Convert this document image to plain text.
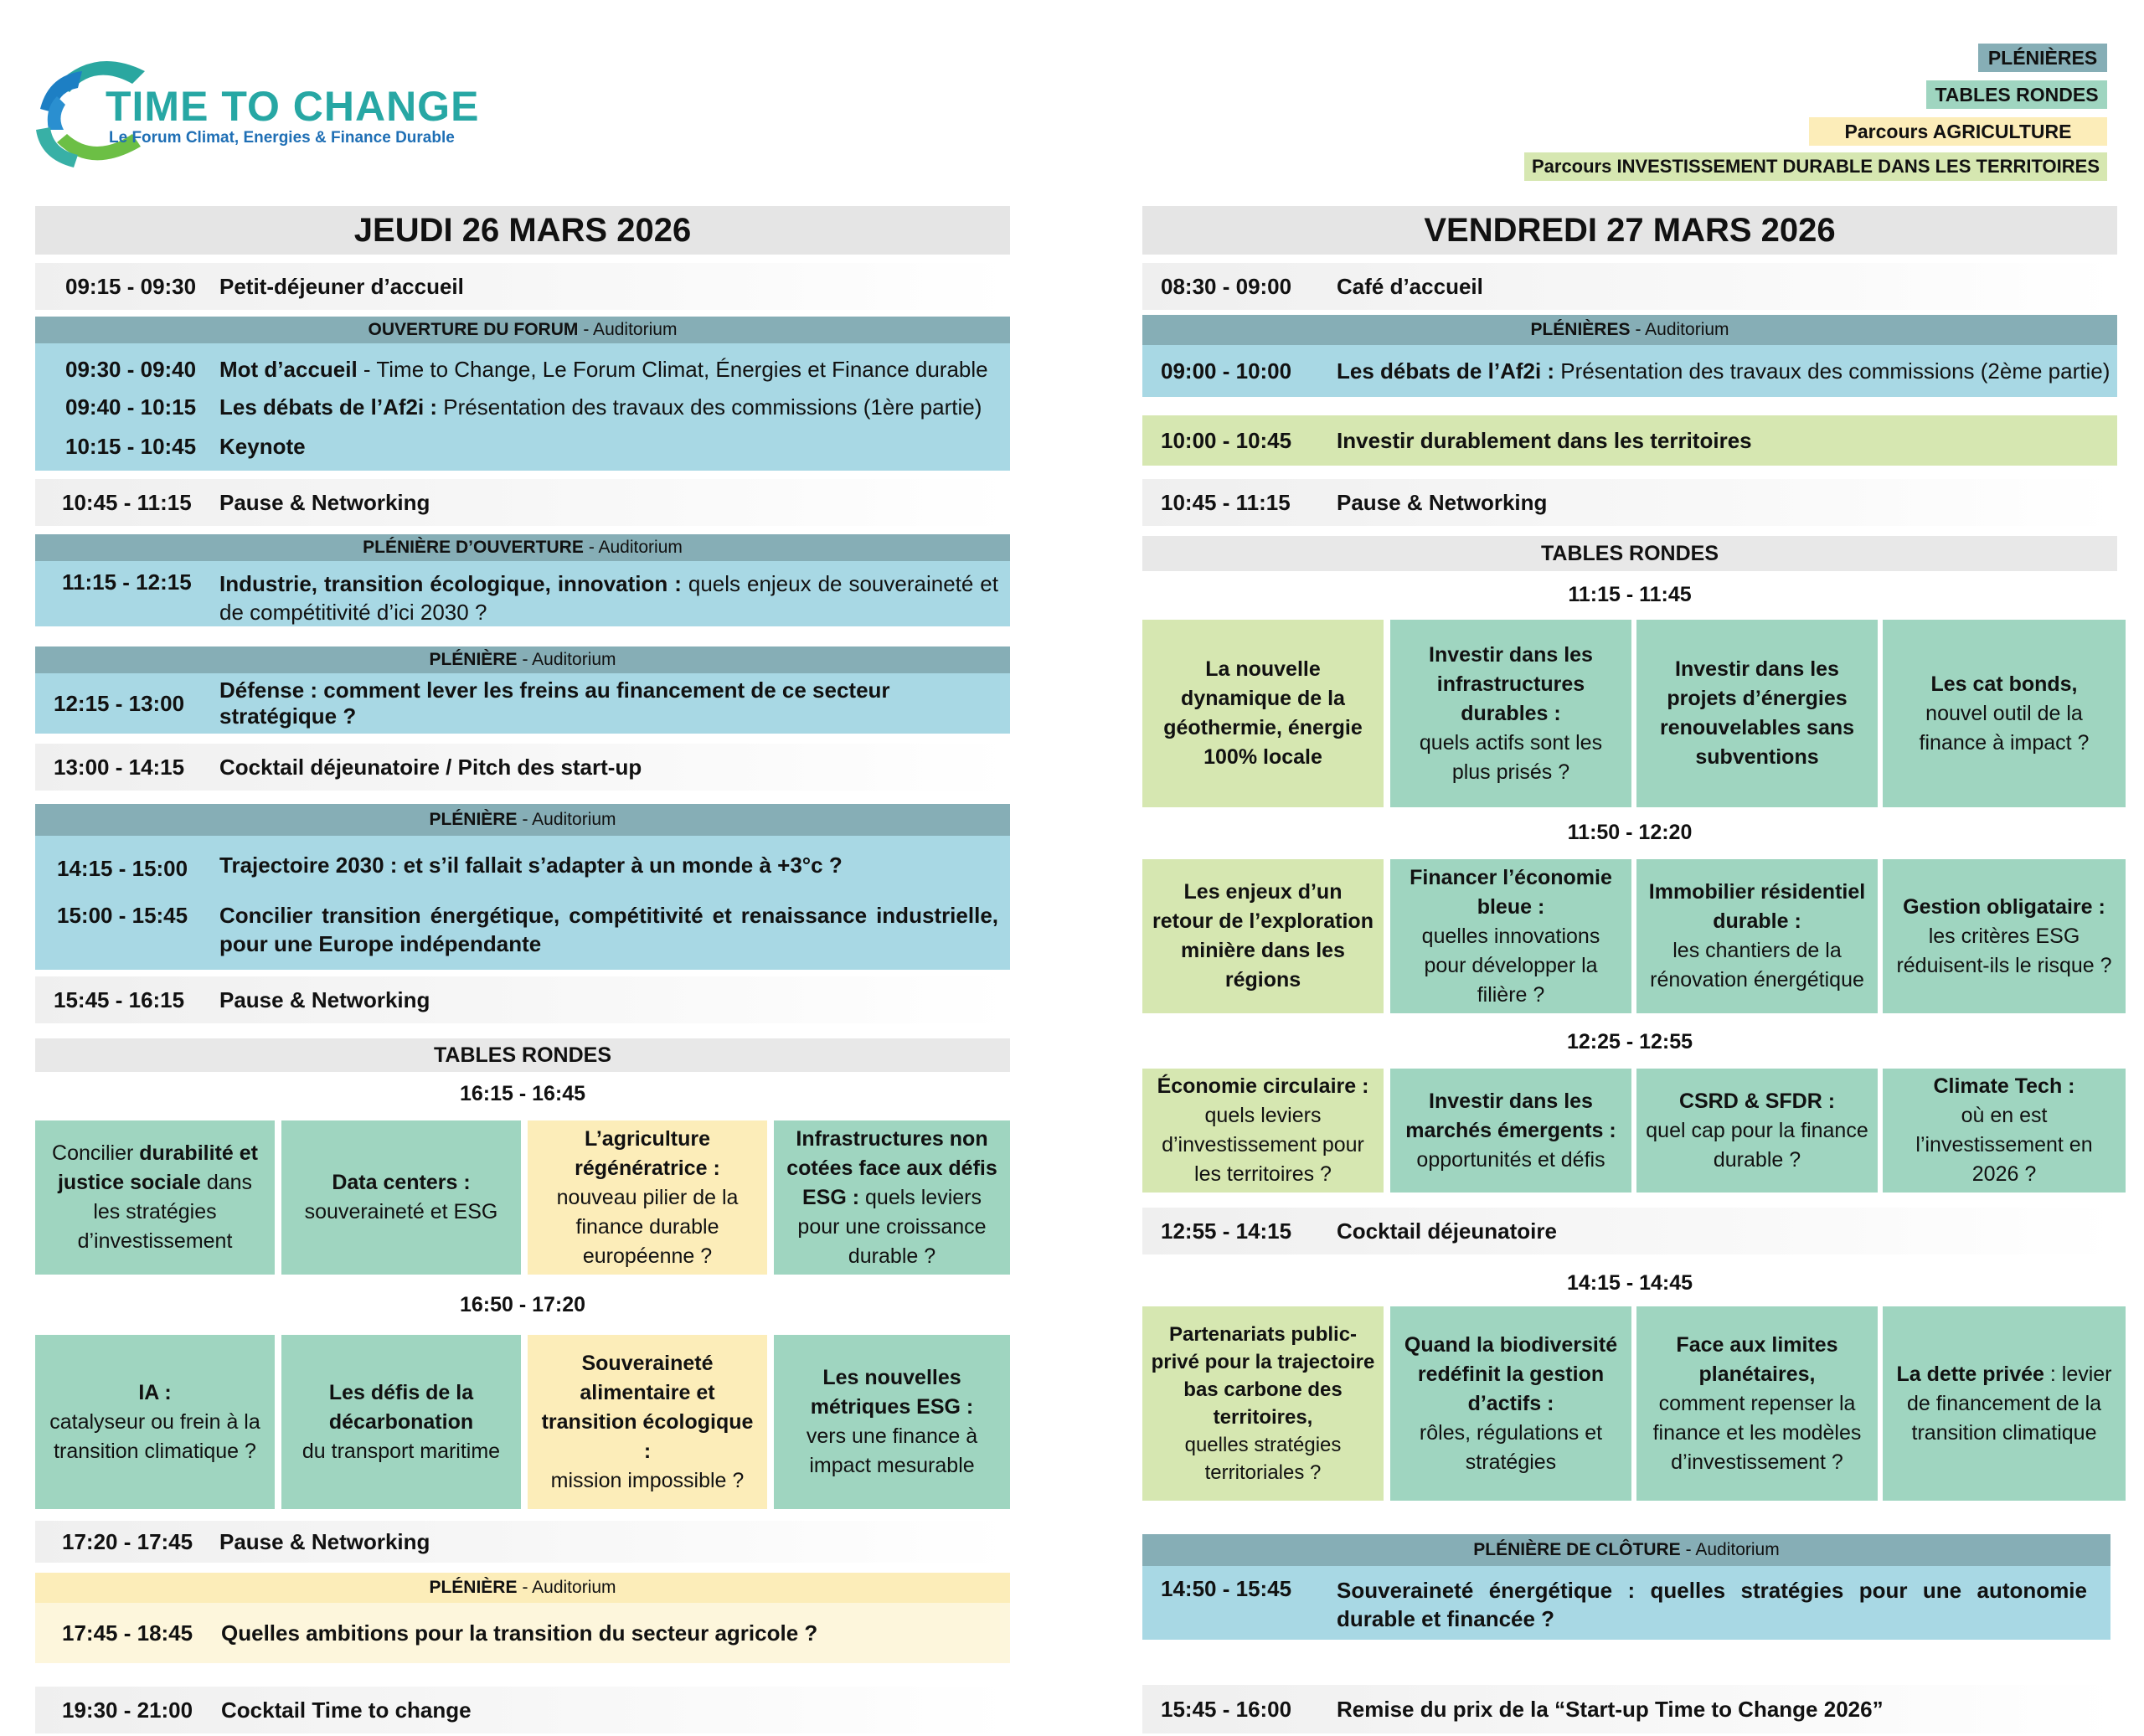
TIME TO CHANGE
Le Forum Climat, Energies & Finance Durable
PLÉNIÈRES
TABLES RONDES
Parcours AGRICULTURE
Parcours INVESTISSEMENT DURABLE DANS LES TERRITOIRES
JEUDI 26 MARS 2026
09:15 - 09:30 Petit-déjeuner d’accueil
OUVERTURE DU FORUM - Auditorium
09:30 - 09:40 Mot d’accueil - Time to Change, Le Forum Climat, Énergies et Finance durable
09:40 - 10:15 Les débats de l’Af2i : Présentation des travaux des commissions (1ère partie)
10:15 - 10:45 Keynote
10:45 - 11:15 Pause & Networking
PLÉNIÈRE D’OUVERTURE - Auditorium
11:15 - 12:15 Industrie, transition écologique, innovation : quels enjeux de souveraineté et de compétitivité d’ici 2030 ?
PLÉNIÈRE - Auditorium
12:15 - 13:00
Défense : comment lever les freins au financement de ce secteur stratégique ?
13:00 - 14:15 Cocktail déjeunatoire / Pitch des start-up
PLÉNIÈRE - Auditorium
14:15 - 15:00 Trajectoire 2030 : et s’il fallait s’adapter à un monde à +3°c ?
15:00 - 15:45 Concilier transition énergétique, compétitivité et renaissance industrielle, pour une Europe indépendante
15:45 - 16:15 Pause & Networking
TABLES RONDES
16:15 - 16:45
Concilier durabilité et justice sociale dans les stratégies d’investissement
Data centers :
souveraineté et ESG
L’agriculture régénératrice :
nouveau pilier de la finance durable européenne ?
Infrastructures non cotées face aux défis ESG : quels leviers pour une croissance durable ?
16:50 - 17:20
IA :
catalyseur ou frein à la transition climatique ?
Les défis de la décarbonation
du transport maritime
Souveraineté alimentaire et transition écologique :
mission impossible ?
Les nouvelles métriques ESG :
vers une finance à impact mesurable
17:20 - 17:45 Pause & Networking
PLÉNIÈRE - Auditorium
17:45 - 18:45 Quelles ambitions pour la transition du secteur agricole ?
19:30 - 21:00 Cocktail Time to change
VENDREDI 27 MARS 2026
08:30 - 09:00 Café d’accueil
PLÉNIÈRES - Auditorium
09:00 - 10:00 Les débats de l’Af2i : Présentation des travaux des commissions (2ème partie)
10:00 - 10:45 Investir durablement dans les territoires
10:45 - 11:15 Pause & Networking
TABLES RONDES
11:15 - 11:45
La nouvelle dynamique de la géothermie, énergie 100% locale
Investir dans les infrastructures durables :
quels actifs sont les plus prisés ?
Investir dans les projets d’énergies renouvelables sans subventions
Les cat bonds,
nouvel outil de la finance à impact ?
11:50 - 12:20
Les enjeux d’un retour de l’exploration minière dans les régions
Financer l’économie bleue :
quelles innovations pour développer la filière ?
Immobilier résidentiel durable :
les chantiers de la rénovation énergétique
Gestion obligataire :
les critères ESG réduisent-ils le risque ?
12:25 - 12:55
Économie circulaire :
quels leviers d’investissement pour les territoires ?
Investir dans les marchés émergents :
opportunités et défis
CSRD & SFDR :
quel cap pour la finance durable ?
Climate Tech :
où en est l’investissement en 2026 ?
12:55 - 14:15 Cocktail déjeunatoire
14:15 - 14:45
Partenariats public-privé pour la trajectoire bas carbone des territoires,
quelles stratégies territoriales ?
Quand la biodiversité redéfinit la gestion d’actifs :
rôles, régulations et stratégies
Face aux limites planétaires,
comment repenser la finance et les modèles d’investissement ?
La dette privée : levier de financement de la transition climatique
PLÉNIÈRE DE CLÔTURE - Auditorium
14:50 - 15:45 Souveraineté énergétique : quelles stratégies pour une autonomie durable et financée ?
15:45 - 16:00 Remise du prix de la “Start-up Time to Change 2026”
